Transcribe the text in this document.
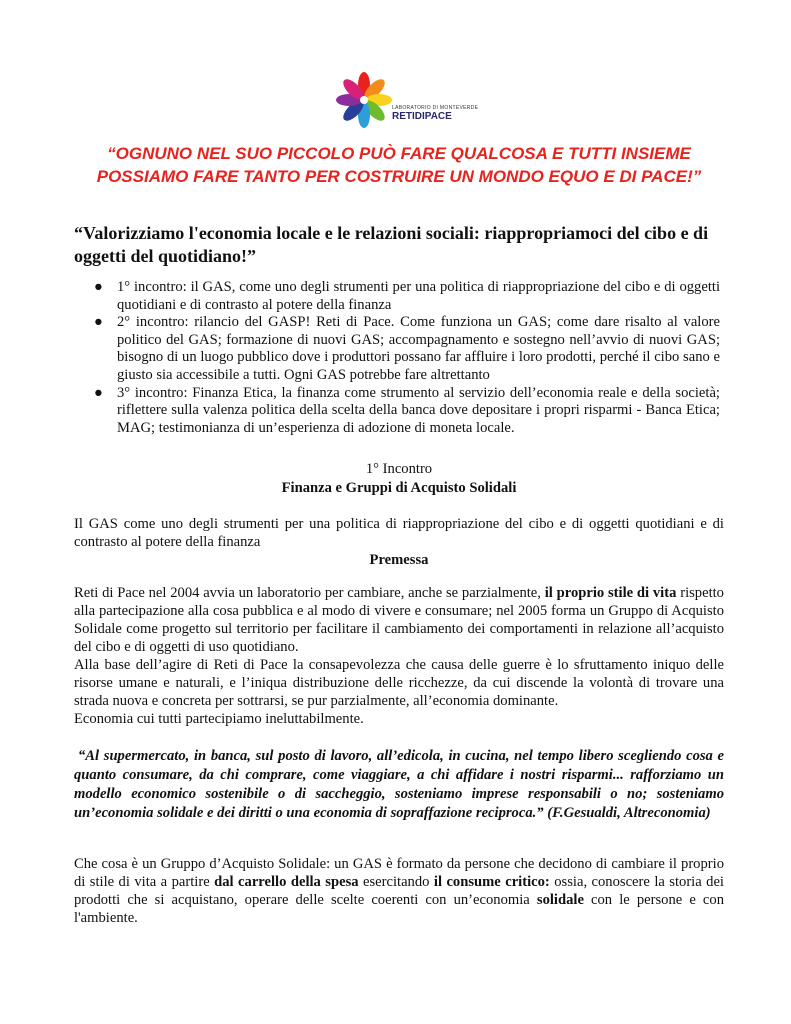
LABORATORIO DI MONTEVERDE
RETIDIPACE
“OGNUNO NEL SUO PICCOLO PUÒ FARE QUALCOSA E TUTTI INSIEME POSSIAMO FARE TANTO PER COSTRUIRE UN MONDO EQUO E DI PACE!”
“Valorizziamo l'economia locale e le relazioni sociali: riappropriamoci del cibo e di oggetti del quotidiano!”
● 1° incontro: il GAS, come uno degli strumenti per una politica di riappropriazione del cibo e di oggetti quotidiani e di contrasto al potere della finanza
● 2° incontro: rilancio del GASP! Reti di Pace. Come funziona un GAS; come dare risalto al valore politico del GAS; formazione di nuovi GAS; accompagnamento e sostegno nell’avvio di nuovi GAS; bisogno di un luogo pubblico dove i produttori possano far affluire i loro prodotti, perché il cibo sano e giusto sia accessibile a tutti. Ogni GAS potrebbe fare altrettanto
● 3° incontro: Finanza Etica, la finanza come strumento al servizio dell’economia reale e della società; riflettere sulla valenza politica della scelta della banca dove depositare i propri risparmi - Banca Etica; MAG; testimonianza di un’esperienza di adozione di moneta locale.
1° Incontro
Finanza e Gruppi di Acquisto Solidali
Il GAS come uno degli strumenti per una politica di riappropriazione del cibo e di oggetti quotidiani e di contrasto al potere della finanza
Premessa
Reti di Pace nel 2004 avvia un laboratorio per cambiare, anche se parzialmente, il proprio stile di vita rispetto alla partecipazione alla cosa pubblica e al modo di vivere e consumare; nel 2005 forma un Gruppo di Acquisto Solidale come progetto sul territorio per facilitare il cambiamento dei comportamenti in relazione all’acquisto del cibo e di oggetti di uso quotidiano.
Alla base dell’agire di Reti di Pace la consapevolezza che causa delle guerre è lo sfruttamento iniquo delle risorse umane e naturali, e l’iniqua distribuzione delle ricchezze, da cui discende la volontà di trovare una strada nuova e concreta per sottrarsi, se pur parzialmente, all’economia dominante.
Economia cui tutti partecipiamo ineluttabilmente.
“Al supermercato, in banca, sul posto di lavoro, all’edicola, in cucina, nel tempo libero scegliendo cosa e quanto consumare, da chi comprare, come viaggiare, a chi affidare i nostri risparmi... rafforziamo un modello economico sostenibile o di saccheggio, sosteniamo imprese responsabili o no; sosteniamo un’economia solidale e dei diritti o una economia di sopraffazione reciproca.” (F.Gesualdi, Altreconomia)
Che cosa è un Gruppo d’Acquisto Solidale: un GAS è formato da persone che decidono di cambiare il proprio di stile di vita a partire dal carrello della spesa esercitando il consume critico: ossia, conoscere la storia dei prodotti che si acquistano, operare delle scelte coerenti con un’economia solidale con le persone e con l'ambiente.
